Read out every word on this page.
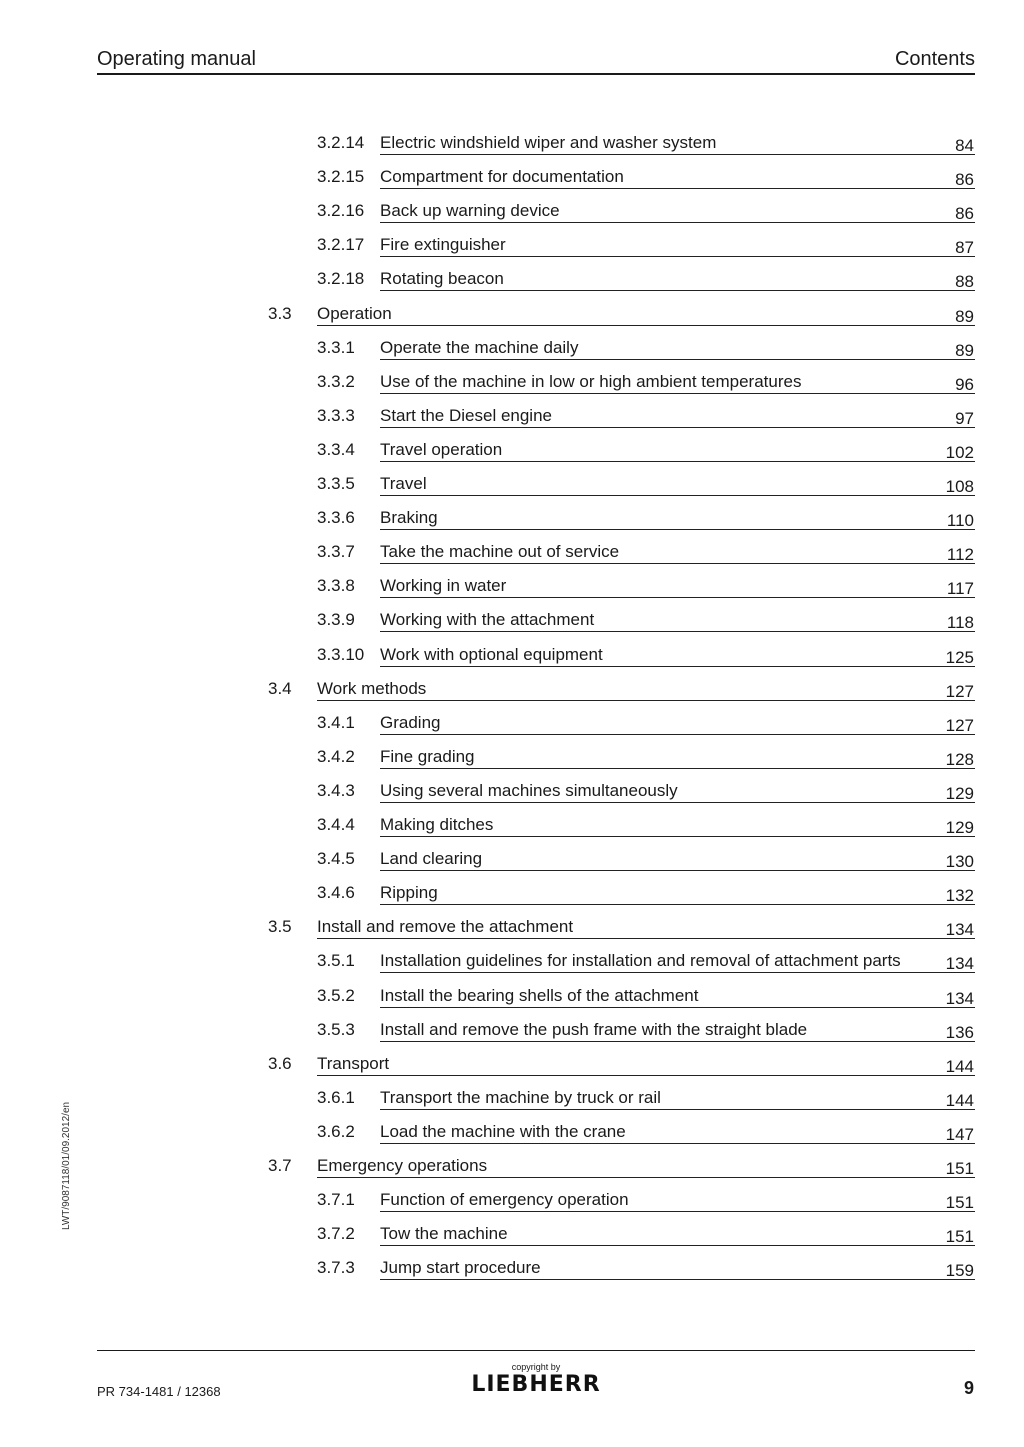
Operating manual	Contents
LWT/9087118/01/09.2012/en
3.2.14 Electric windshield wiper and washer system	84
3.2.15 Compartment for documentation	86
3.2.16 Back up warning device	86
3.2.17 Fire extinguisher	87
3.2.18 Rotating beacon	88
3.3 Operation	89
3.3.1 Operate the machine daily	89
3.3.2 Use of the machine in low or high ambient temperatures	96
3.3.3 Start the Diesel engine	97
3.3.4 Travel operation	102
3.3.5 Travel	108
3.3.6 Braking	110
3.3.7 Take the machine out of service	112
3.3.8 Working in water	117
3.3.9 Working with the attachment	118
3.3.10 Work with optional equipment	125
3.4 Work methods	127
3.4.1 Grading	127
3.4.2 Fine grading	128
3.4.3 Using several machines simultaneously	129
3.4.4 Making ditches	129
3.4.5 Land clearing	130
3.4.6 Ripping	132
3.5 Install and remove the attachment	134
3.5.1 Installation guidelines for installation and removal of attachment parts	134
3.5.2 Install the bearing shells of the attachment	134
3.5.3 Install and remove the push frame with the straight blade	136
3.6 Transport	144
3.6.1 Transport the machine by truck or rail	144
3.6.2 Load the machine with the crane	147
3.7 Emergency operations	151
3.7.1 Function of emergency operation	151
3.7.2 Tow the machine	151
3.7.3 Jump start procedure	159
PR 734-1481 / 12368
copyright by
LIEBHERR	9
